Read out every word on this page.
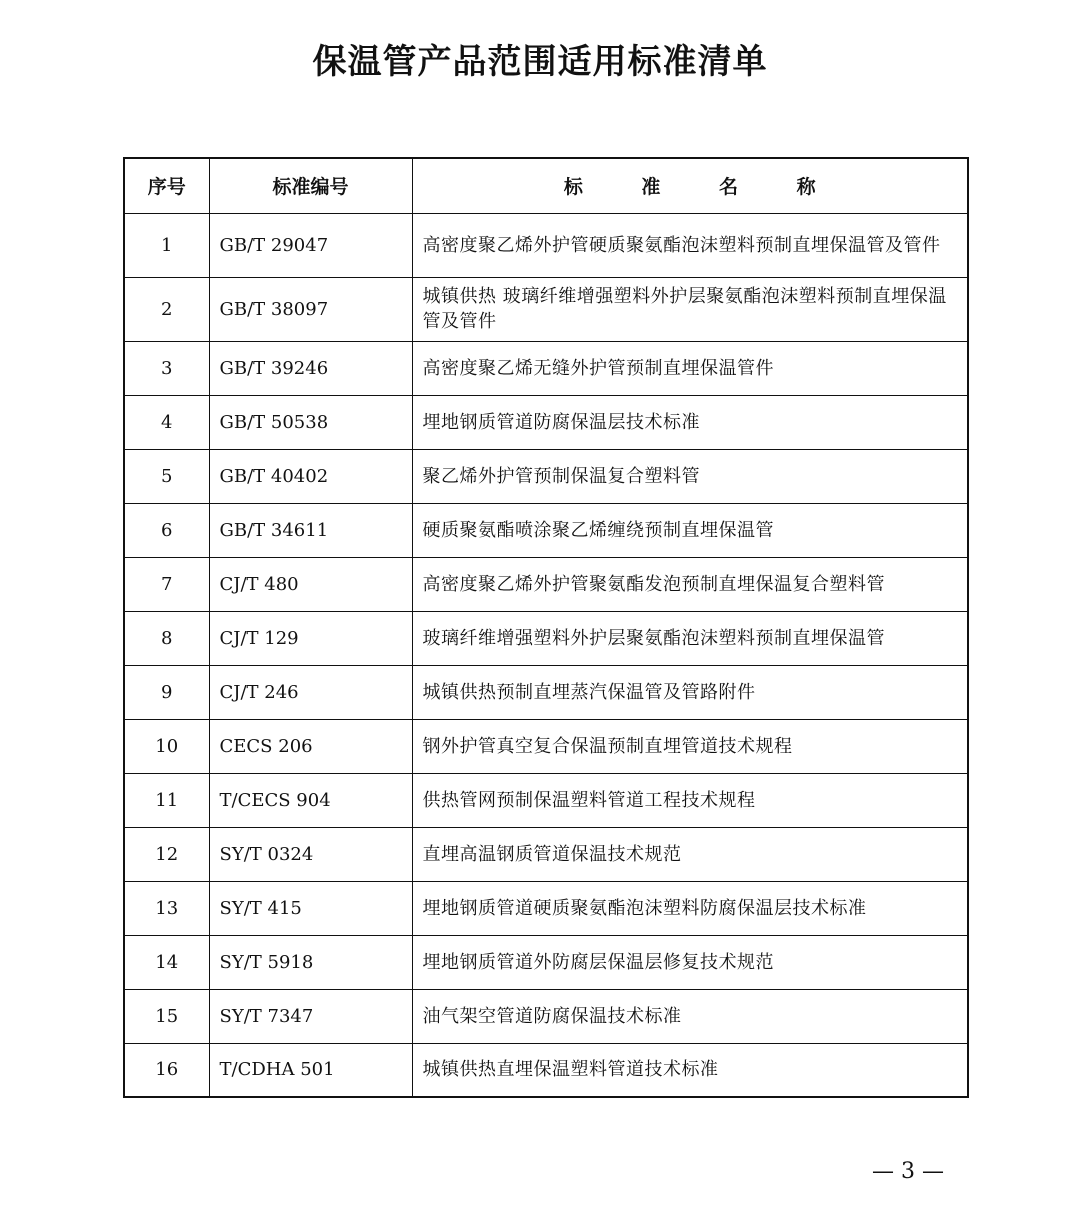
保温管产品范围适用标准清单
序号	标准编号	标 准 名 称
1	GB/T 29047	高密度聚乙烯外护管硬质聚氨酯泡沫塑料预制直埋保温管及管件
2	GB/T 38097	城镇供热 玻璃纤维增强塑料外护层聚氨酯泡沫塑料预制直埋保温管及管件
3	GB/T 39246	高密度聚乙烯无缝外护管预制直埋保温管件
4	GB/T 50538	埋地钢质管道防腐保温层技术标准
5	GB/T 40402	聚乙烯外护管预制保温复合塑料管
6	GB/T 34611	硬质聚氨酯喷涂聚乙烯缠绕预制直埋保温管
7	CJ/T 480	高密度聚乙烯外护管聚氨酯发泡预制直埋保温复合塑料管
8	CJ/T 129	玻璃纤维增强塑料外护层聚氨酯泡沫塑料预制直埋保温管
9	CJ/T 246	城镇供热预制直埋蒸汽保温管及管路附件
10	CECS 206	钢外护管真空复合保温预制直埋管道技术规程
11	T/CECS 904	供热管网预制保温塑料管道工程技术规程
12	SY/T 0324	直埋高温钢质管道保温技术规范
13	SY/T 415	埋地钢质管道硬质聚氨酯泡沫塑料防腐保温层技术标准
14	SY/T 5918	埋地钢质管道外防腐层保温层修复技术规范
15	SY/T 7347	油气架空管道防腐保温技术标准
16	T/CDHA 501	城镇供热直埋保温塑料管道技术标准
— 3 —
